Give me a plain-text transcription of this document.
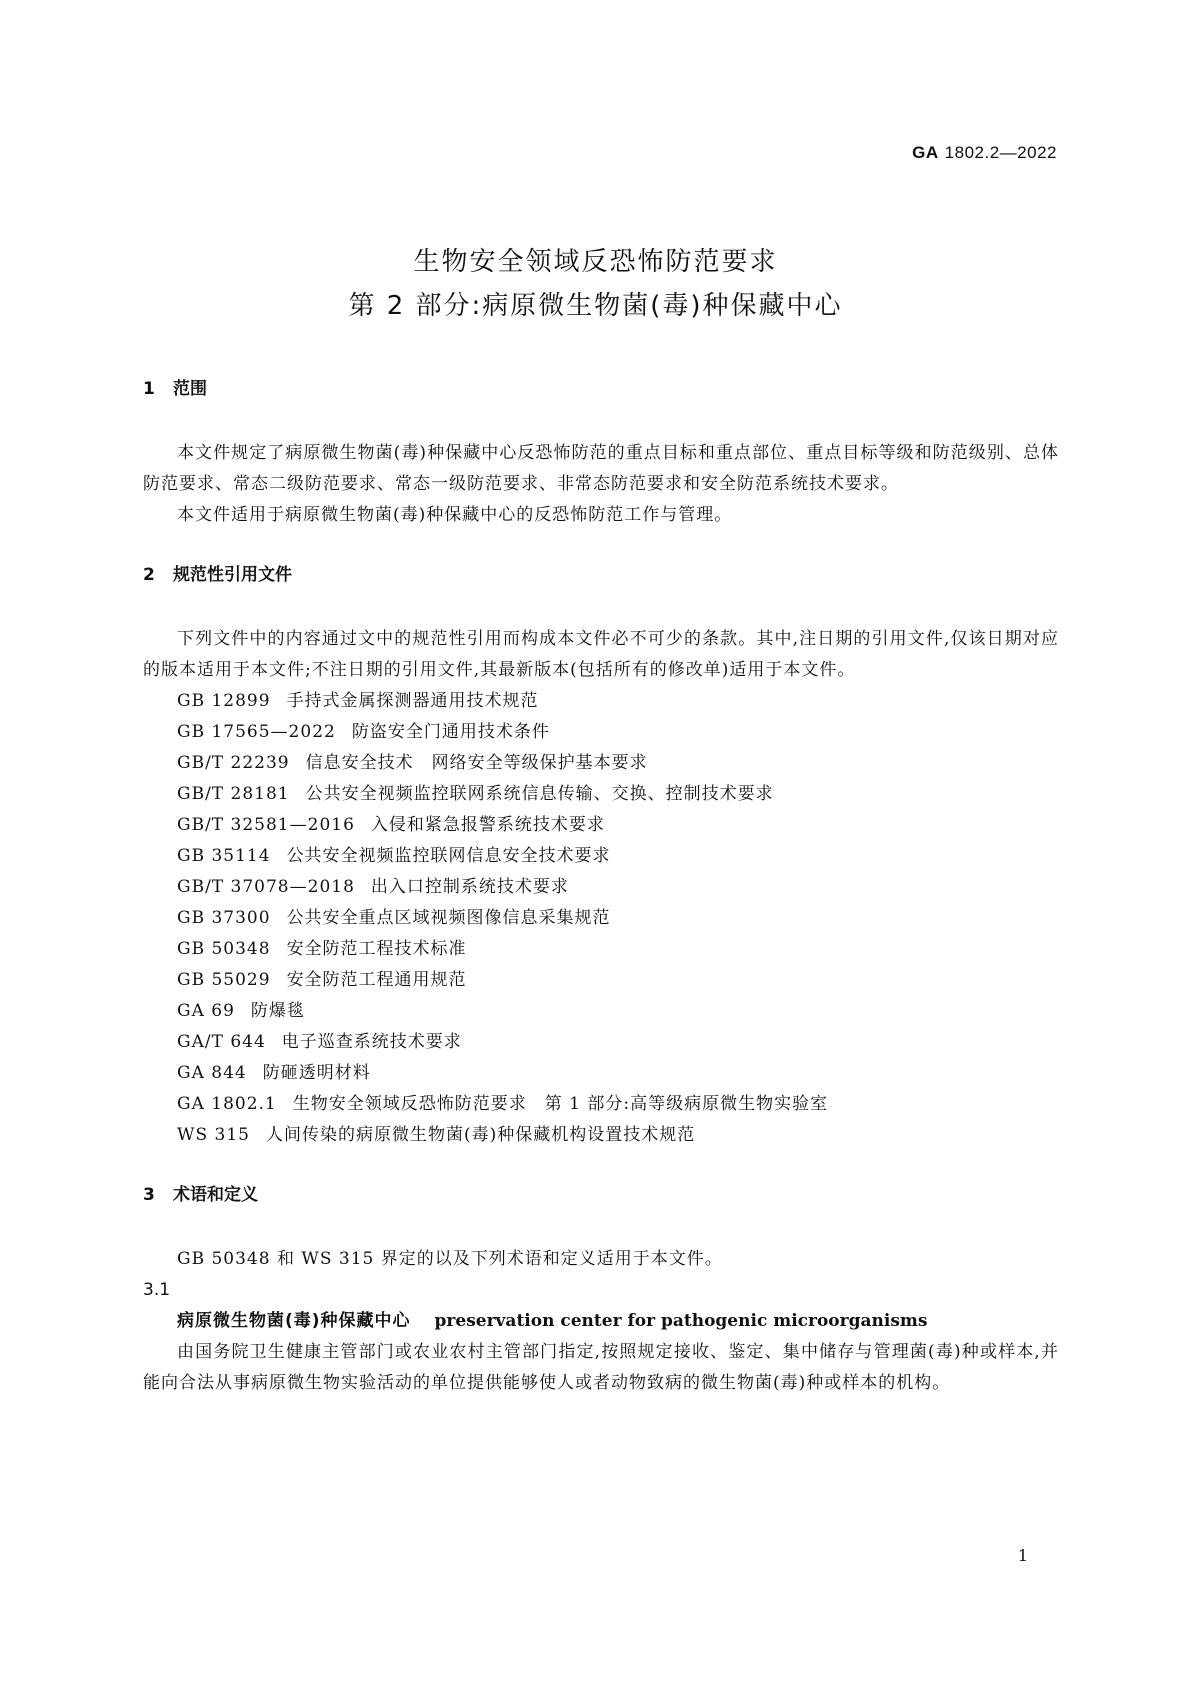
GA 1802.2—2022
生物安全领域反恐怖防范要求
第 2 部分:病原微生物菌(毒)种保藏中心
1 范围
本文件规定了病原微生物菌(毒)种保藏中心反恐怖防范的重点目标和重点部位、重点目标等级和防范级别、总体防范要求、常态二级防范要求、常态一级防范要求、非常态防范要求和安全防范系统技术要求。
本文件适用于病原微生物菌(毒)种保藏中心的反恐怖防范工作与管理。
2 规范性引用文件
下列文件中的内容通过文中的规范性引用而构成本文件必不可少的条款。其中,注日期的引用文件,仅该日期对应的版本适用于本文件;不注日期的引用文件,其最新版本(包括所有的修改单)适用于本文件。
GB 12899 手持式金属探测器通用技术规范
GB 17565—2022 防盗安全门通用技术条件
GB/T 22239 信息安全技术　网络安全等级保护基本要求
GB/T 28181 公共安全视频监控联网系统信息传输、交换、控制技术要求
GB/T 32581—2016 入侵和紧急报警系统技术要求
GB 35114 公共安全视频监控联网信息安全技术要求
GB/T 37078—2018 出入口控制系统技术要求
GB 37300 公共安全重点区域视频图像信息采集规范
GB 50348 安全防范工程技术标准
GB 55029 安全防范工程通用规范
GA 69 防爆毯
GA/T 644 电子巡查系统技术要求
GA 844 防砸透明材料
GA 1802.1 生物安全领域反恐怖防范要求　第 1 部分:高等级病原微生物实验室
WS 315 人间传染的病原微生物菌(毒)种保藏机构设置技术规范
3 术语和定义
GB 50348 和 WS 315 界定的以及下列术语和定义适用于本文件。
3.1
病原微生物菌(毒)种保藏中心 preservation center for pathogenic microorganisms
由国务院卫生健康主管部门或农业农村主管部门指定,按照规定接收、鉴定、集中储存与管理菌(毒)种或样本,并能向合法从事病原微生物实验活动的单位提供能够使人或者动物致病的微生物菌(毒)种或样本的机构。
1
